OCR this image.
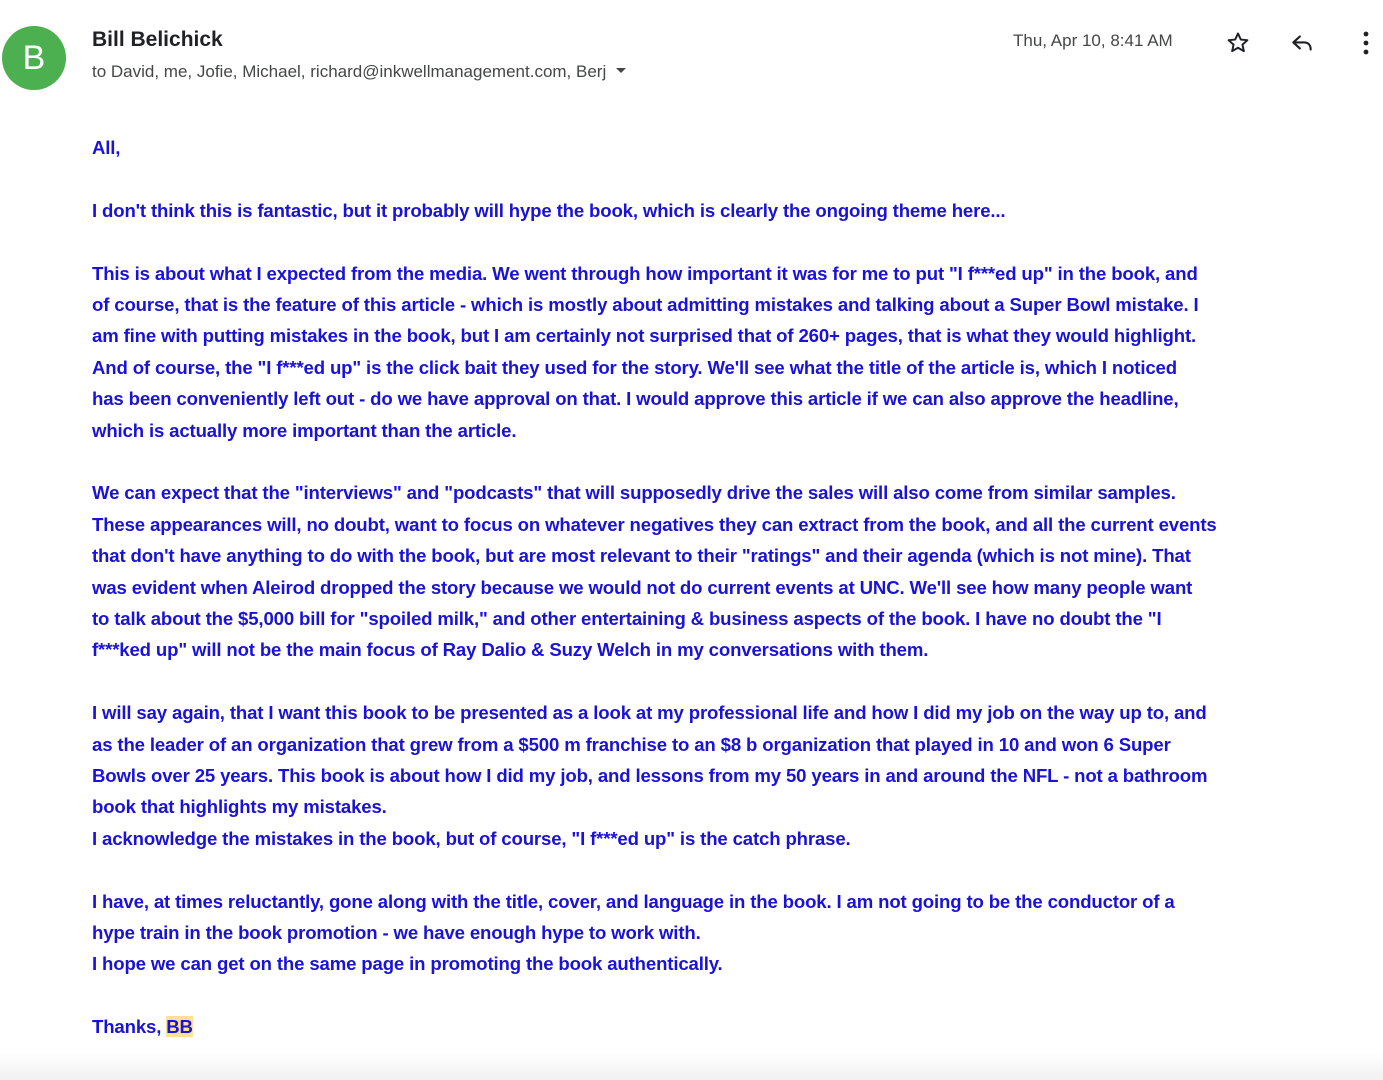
B	Bill Belichick
to David, me, Jofie, Michael, richard@inkwellmanagement.com, Berj
Thu, Apr 10, 8:41 AM

All,

I don't think this is fantastic, but it probably will hype the book, which is clearly the ongoing theme here...

This is about what I expected from the media. We went through how important it was for me to put "I f***ed up" in the book, and
of course, that is the feature of this article - which is mostly about admitting mistakes and talking about a Super Bowl mistake. I
am fine with putting mistakes in the book, but I am certainly not surprised that of 260+ pages, that is what they would highlight.
And of course, the "I f***ed up" is the click bait they used for the story. We'll see what the title of the article is, which I noticed
has been conveniently left out - do we have approval on that. I would approve this article if we can also approve the headline,
which is actually more important than the article.

We can expect that the "interviews" and "podcasts" that will supposedly drive the sales will also come from similar samples.
These appearances will, no doubt, want to focus on whatever negatives they can extract from the book, and all the current events
that don't have anything to do with the book, but are most relevant to their "ratings" and their agenda (which is not mine). That
was evident when Aleirod dropped the story because we would not do current events at UNC. We'll see how many people want
to talk about the $5,000 bill for "spoiled milk," and other entertaining & business aspects of the book. I have no doubt the "I
f***ked up" will not be the main focus of Ray Dalio & Suzy Welch in my conversations with them.

I will say again, that I want this book to be presented as a look at my professional life and how I did my job on the way up to, and
as the leader of an organization that grew from a $500 m franchise to an $8 b organization that played in 10 and won 6 Super
Bowls over 25 years. This book is about how I did my job, and lessons from my 50 years in and around the NFL - not a bathroom
book that highlights my mistakes.
I acknowledge the mistakes in the book, but of course, "I f***ed up" is the catch phrase.

I have, at times reluctantly, gone along with the title, cover, and language in the book. I am not going to be the conductor of a
hype train in the book promotion - we have enough hype to work with.
I hope we can get on the same page in promoting the book authentically.

Thanks, BB
